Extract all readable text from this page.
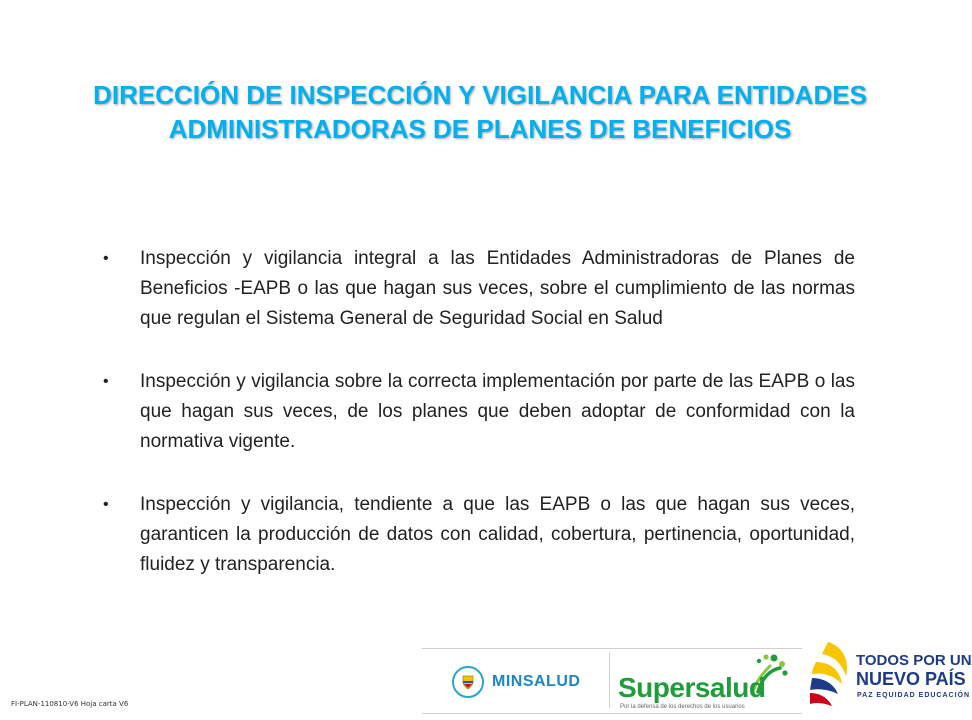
DIRECCIÓN DE INSPECCIÓN Y VIGILANCIA PARA ENTIDADES
ADMINISTRADORAS DE PLANES DE BENEFICIOS
• Inspección y vigilancia integral a las Entidades Administradoras de Planes de Beneficios -EAPB o las que hagan sus veces, sobre el cumplimiento de las normas que regulan el Sistema General de Seguridad Social en Salud
• Inspección y vigilancia sobre la correcta implementación por parte de las EAPB o las que hagan sus veces, de los planes que deben adoptar de conformidad con la normativa vigente.
• Inspección y vigilancia, tendiente a que las EAPB o las que hagan sus veces, garanticen la producción de datos con calidad, cobertura, pertinencia, oportunidad, fluidez y transparencia.
FI-PLAN-110810-V6 Hoja carta V6
MINSALUD Supersalud
Por la defensa de los derechos de los usuarios
TODOS POR UN
NUEVO PAÍS
PAZ EQUIDAD EDUCACIÓN
